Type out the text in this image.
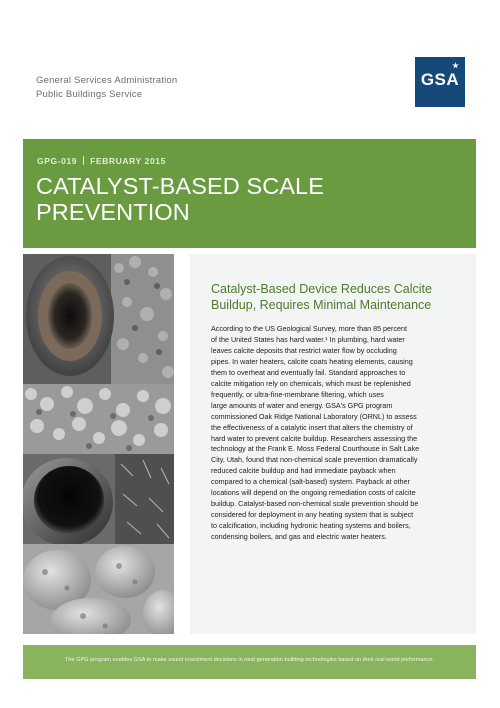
General Services Administration
Public Buildings Service
GSA
GPG-019 FEBRUARY 2015
CATALYST-BASED SCALE
PREVENTION
Catalyst-Based Device Reduces Calcite
Buildup, Requires Minimal Maintenance
According to the US Geological Survey, more than 85 percent
of the United States has hard water.¹ In plumbing, hard water
leaves calcite deposits that restrict water flow by occluding
pipes. In water heaters, calcite coats heating elements, causing
them to overheat and eventually fail. Standard approaches to
calcite mitigation rely on chemicals, which must be replenished
frequently, or ultra-fine-membrane filtering, which uses
large amounts of water and energy. GSA's GPG program
commissioned Oak Ridge National Laboratory (ORNL) to assess
the effectiveness of a catalytic insert that alters the chemistry of
hard water to prevent calcite buildup. Researchers assessing the
technology at the Frank E. Moss Federal Courthouse in Salt Lake
City, Utah, found that non-chemical scale prevention dramatically
reduced calcite buildup and had immediate payback when
compared to a chemical (salt-based) system. Payback at other
locations will depend on the ongoing remediation costs of calcite
buildup. Catalyst-based non-chemical scale prevention should be
considered for deployment in any heating system that is subject
to calcification, including hydronic heating systems and boilers,
condensing boilers, and gas and electric water heaters.
The GPG program enables GSA to make sound investment decisions in next generation building technologies based on their real world performance.
